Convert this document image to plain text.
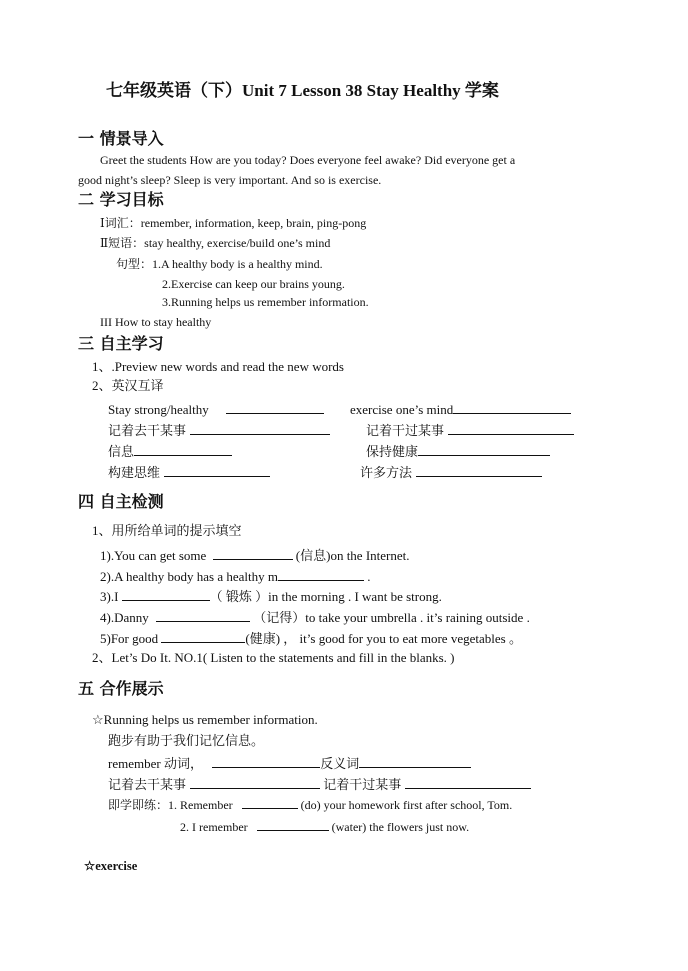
七年级英语（下）Unit 7 Lesson 38 Stay Healthy 学案
一 情景导入
Greet the students How are you today? Does everyone feel awake? Did everyone get a
good night’s sleep? Sleep is very important. And so is exercise.
二 学习目标
Ⅰ词汇：remember, information, keep, brain, ping-pong
Ⅱ短语：stay healthy, exercise/build one’s mind
句型：1.A healthy body is a healthy mind.
2.Exercise can keep our brains young.
3.Running helps us remember information.
III How to stay healthy
三 自主学习
1、.Preview new words and read the new words
2、英汉互译
Stay strong/healthy	exercise one’s mind
记着去干某事	记着干过某事
信息	保持健康
构建思维	许多方法
四 自主检测
1、用所给单词的提示填空
1).You can get some	(信息)on the Internet.
2).A healthy body has a healthy m	.
3).I	（ 锻炼 ）in the morning . I want be strong.
4).Danny	（记得）to take your umbrella . it’s raining outside .
5)For good	(健康) ， it’s good for you to eat more vegetables 。
2、Let’s Do It. NO.1( Listen to the statements and fill in the blanks. )
五 合作展示
☆Running helps us remember information.
跑步有助于我们记忆信息。
remember 动词，	反义词
记着去干某事	记着干过某事
即学即练：1. Remember	(do) your homework first after school, Tom.
2. I remember	(water) the flowers just now.
☆exercise
